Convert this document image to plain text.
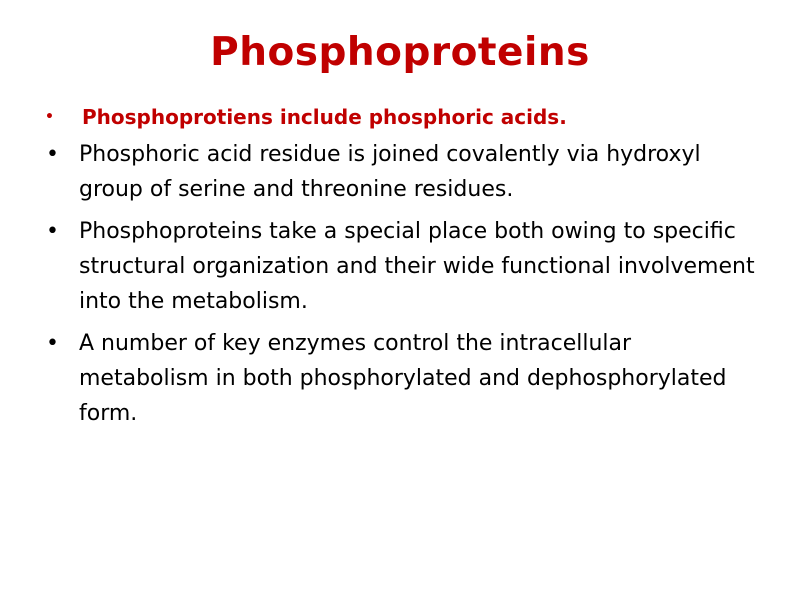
Phosphoproteins
• Phosphoprotiens include phosphoric acids.
• Phosphoric acid residue is joined covalently via hydroxyl group of serine and threonine residues.
• Phosphoproteins take a special place both owing to specific structural organization and their wide functional involvement into the metabolism.
• A number of key enzymes control the intracellular metabolism in both phosphorylated and dephosphorylated form.
